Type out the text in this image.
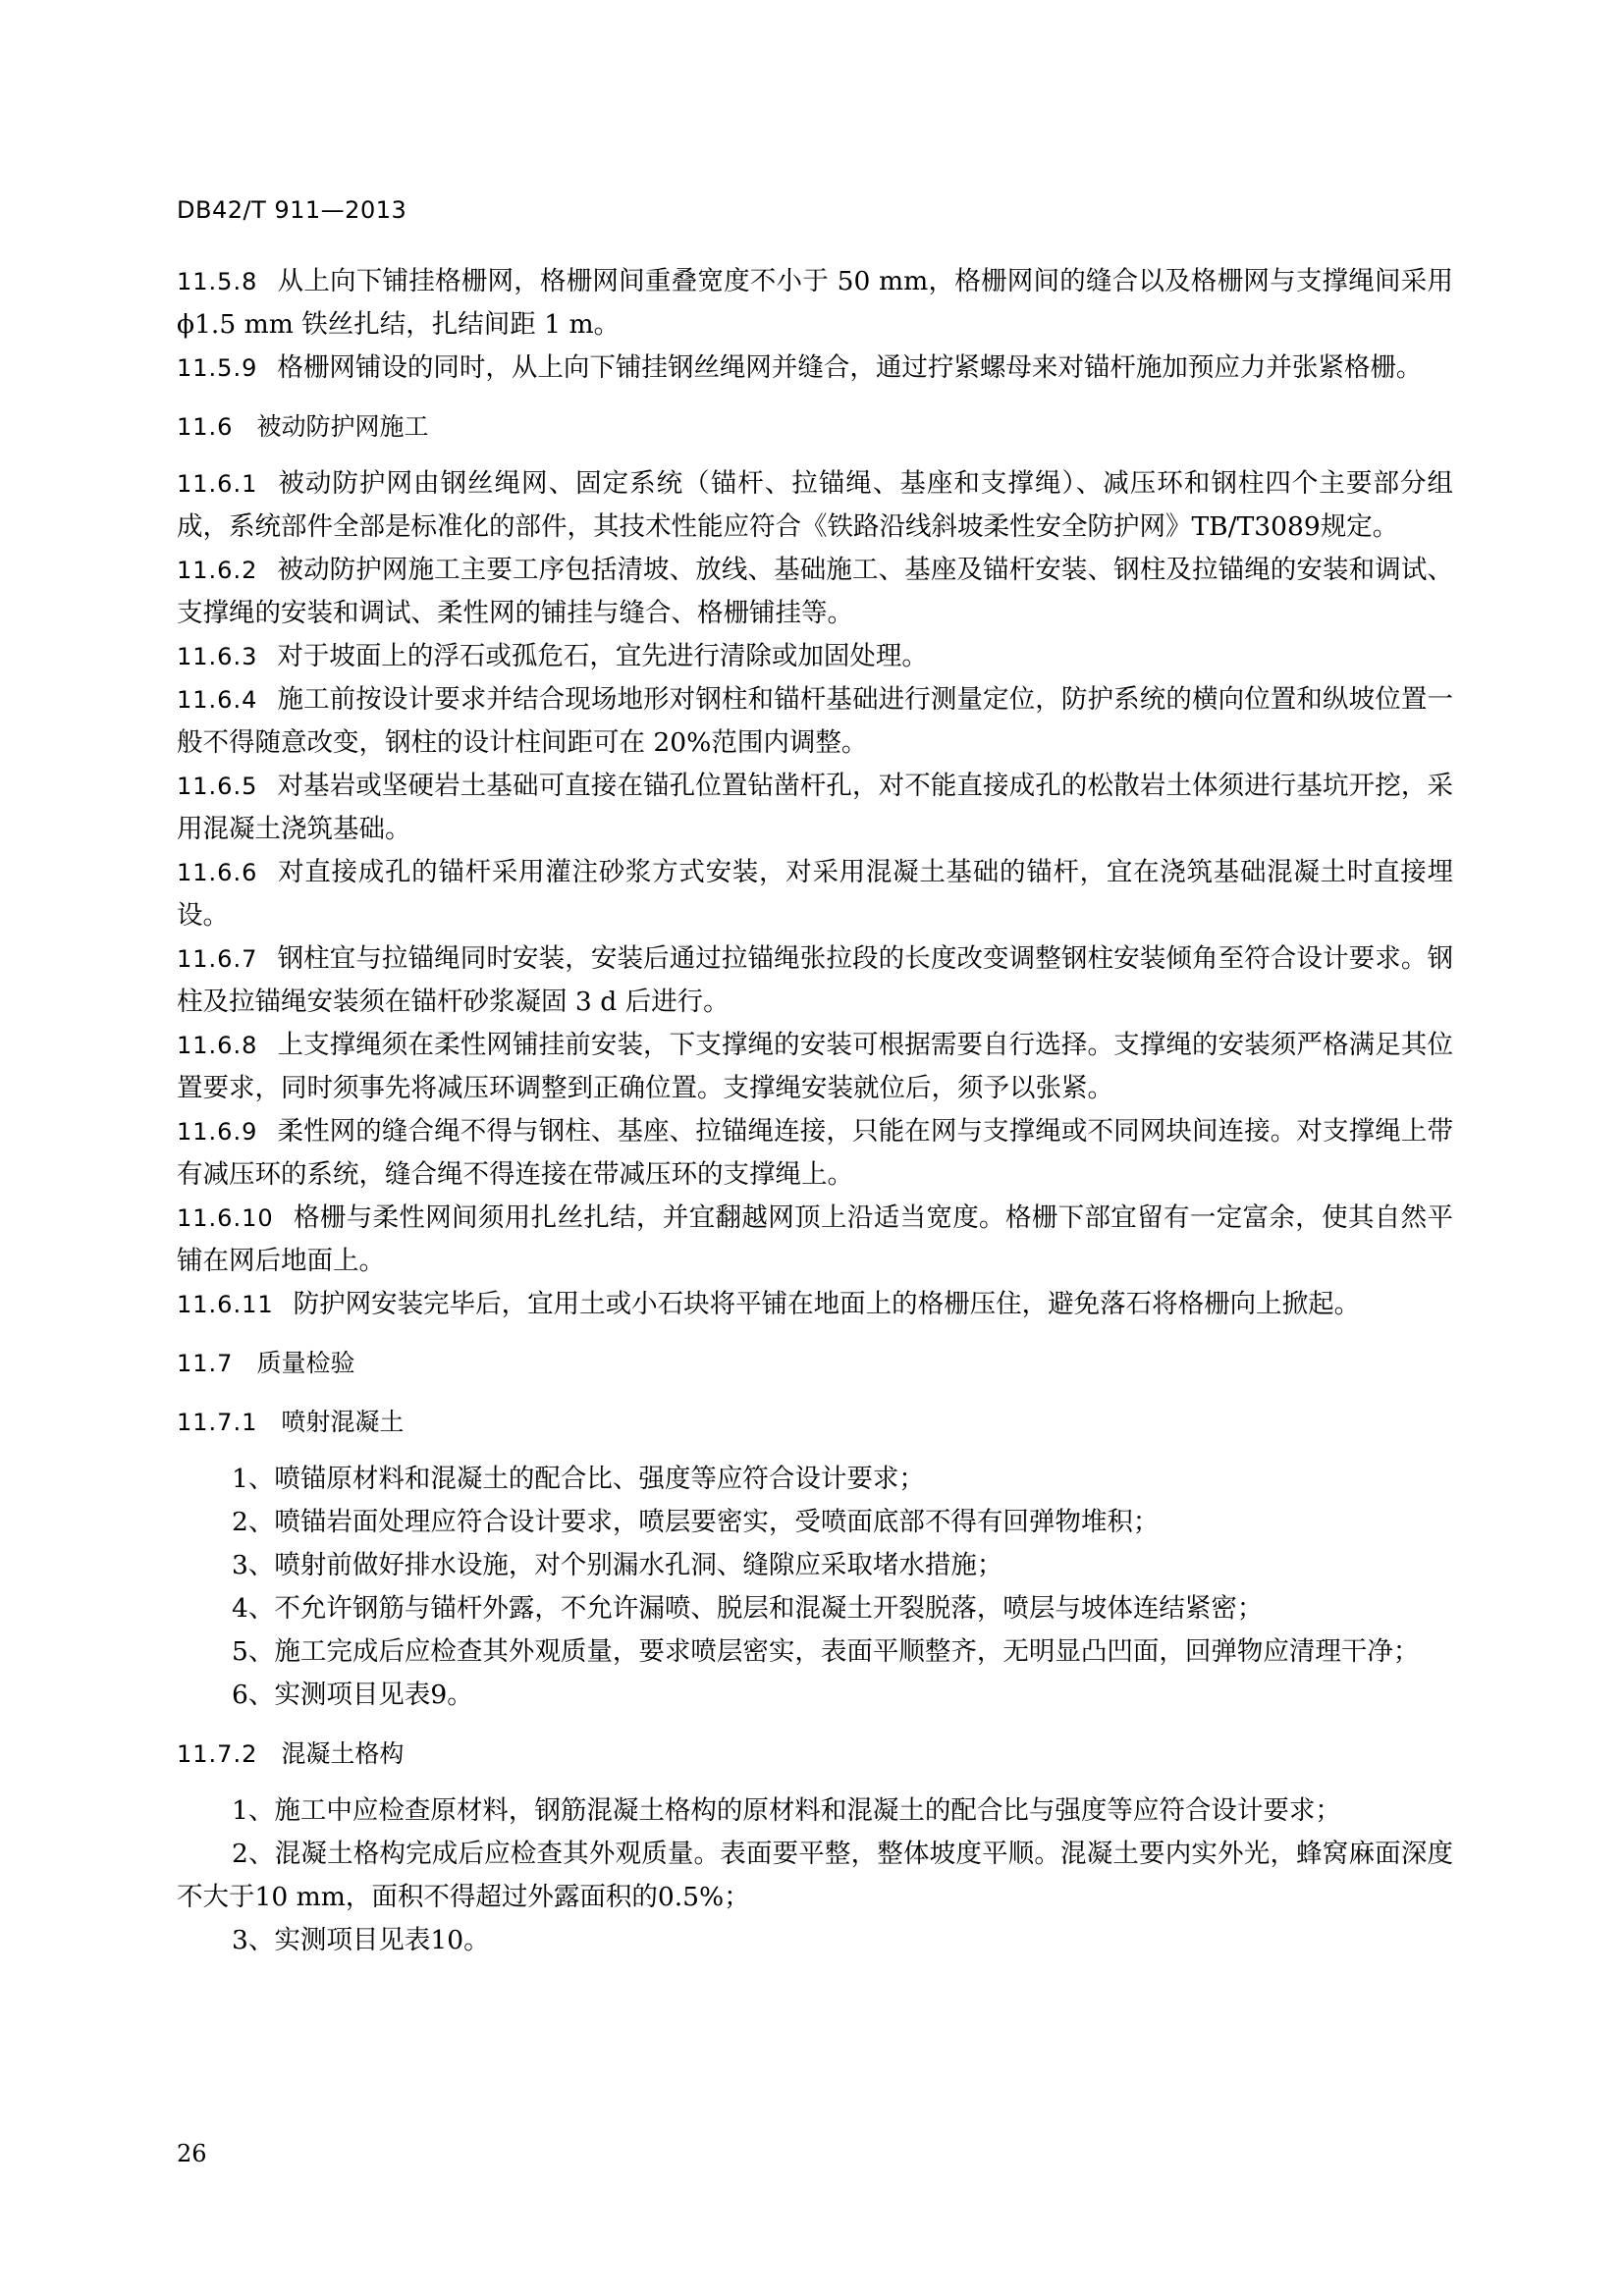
DB42/T 911—2013

11.5.8 从上向下铺挂格栅网，格栅网间重叠宽度不小于 50 mm，格栅网间的缝合以及格栅网与支撑绳间采用 ϕ1.5 mm 铁丝扎结，扎结间距 1 m。

11.5.9 格栅网铺设的同时，从上向下铺挂钢丝绳网并缝合，通过拧紧螺母来对锚杆施加预应力并张紧格栅。

11.6 被动防护网施工

11.6.1 被动防护网由钢丝绳网、固定系统（锚杆、拉锚绳、基座和支撑绳）、减压环和钢柱四个主要部分组成，系统部件全部是标准化的部件，其技术性能应符合《铁路沿线斜坡柔性安全防护网》TB/T3089规定。

11.6.2 被动防护网施工主要工序包括清坡、放线、基础施工、基座及锚杆安装、钢柱及拉锚绳的安装和调试、支撑绳的安装和调试、柔性网的铺挂与缝合、格栅铺挂等。

11.6.3 对于坡面上的浮石或孤危石，宜先进行清除或加固处理。

11.6.4 施工前按设计要求并结合现场地形对钢柱和锚杆基础进行测量定位，防护系统的横向位置和纵坡位置一般不得随意改变，钢柱的设计柱间距可在 20%范围内调整。

11.6.5 对基岩或坚硬岩土基础可直接在锚孔位置钻凿杆孔，对不能直接成孔的松散岩土体须进行基坑开挖，采用混凝土浇筑基础。

11.6.6 对直接成孔的锚杆采用灌注砂浆方式安装，对采用混凝土基础的锚杆，宜在浇筑基础混凝土时直接埋设。

11.6.7 钢柱宜与拉锚绳同时安装，安装后通过拉锚绳张拉段的长度改变调整钢柱安装倾角至符合设计要求。钢柱及拉锚绳安装须在锚杆砂浆凝固 3 d 后进行。

11.6.8 上支撑绳须在柔性网铺挂前安装，下支撑绳的安装可根据需要自行选择。支撑绳的安装须严格满足其位置要求，同时须事先将减压环调整到正确位置。支撑绳安装就位后，须予以张紧。

11.6.9 柔性网的缝合绳不得与钢柱、基座、拉锚绳连接，只能在网与支撑绳或不同网块间连接。对支撑绳上带有减压环的系统，缝合绳不得连接在带减压环的支撑绳上。

11.6.10 格栅与柔性网间须用扎丝扎结，并宜翻越网顶上沿适当宽度。格栅下部宜留有一定富余，使其自然平铺在网后地面上。

11.6.11 防护网安装完毕后，宜用土或小石块将平铺在地面上的格栅压住，避免落石将格栅向上掀起。

11.7 质量检验
11.7.1 喷射混凝土

1、喷锚原材料和混凝土的配合比、强度等应符合设计要求；

2、喷锚岩面处理应符合设计要求，喷层要密实，受喷面底部不得有回弹物堆积；

3、喷射前做好排水设施，对个别漏水孔洞、缝隙应采取堵水措施；

4、不允许钢筋与锚杆外露，不允许漏喷、脱层和混凝土开裂脱落，喷层与坡体连结紧密；

5、施工完成后应检查其外观质量，要求喷层密实，表面平顺整齐，无明显凸凹面，回弹物应清理干净；

6、实测项目见表9。

11.7.2 混凝土格构

1、施工中应检查原材料，钢筋混凝土格构的原材料和混凝土的配合比与强度等应符合设计要求；

2、混凝土格构完成后应检查其外观质量。表面要平整，整体坡度平顺。混凝土要内实外光，蜂窝麻面深度不大于10 mm，面积不得超过外露面积的0.5%；

3、实测项目见表10。

26
